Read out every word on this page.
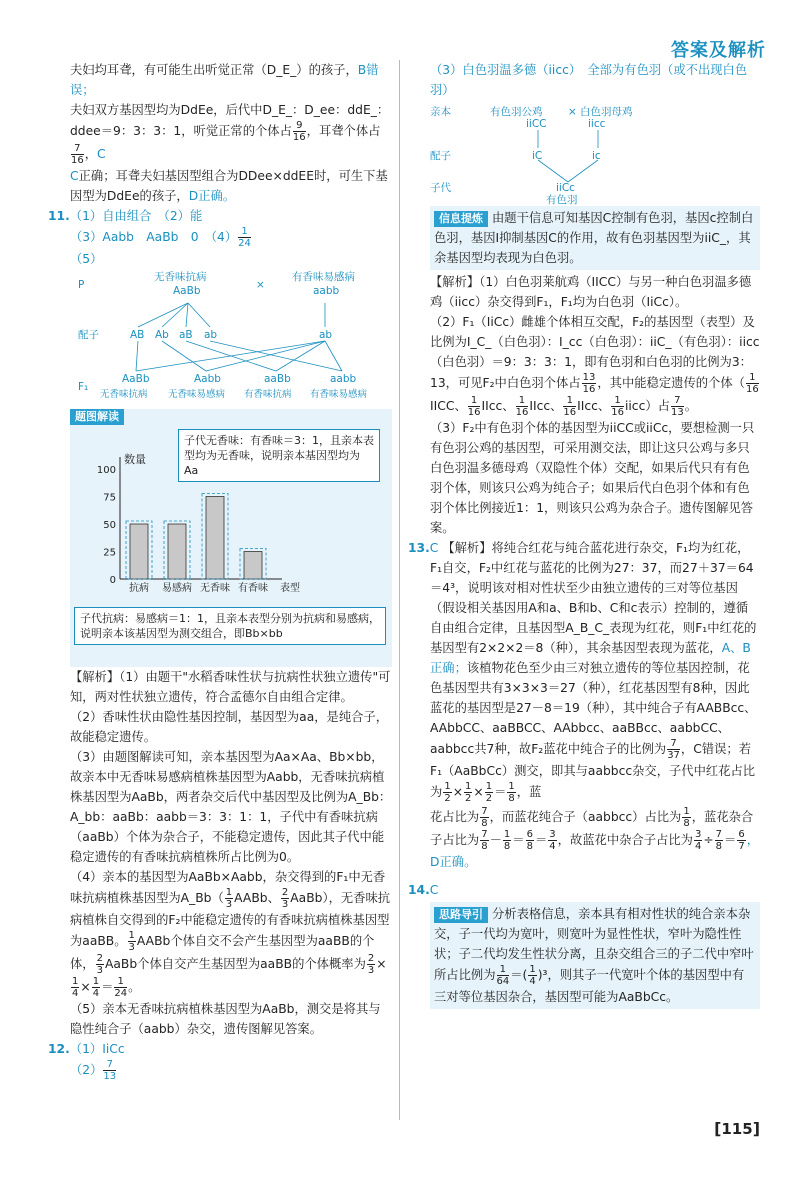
答案及解析

夫妇均耳聋，有可能生出听觉正常（D_E_）的孩子，B错误；
夫妇双方基因型均为DdEe，后代中D_E_：D_ee：ddE_：
ddee＝9：3：3：1，听觉正常的个体占 $\frac{9}{16}$ ，耳聋个体占
$\frac{7}{16}$ ，C
C正确；耳聋夫妇基因型组合为DDee×ddEE时，可生下基因型为DdEe的孩子，D正确。

11.（1）自由组合　（2）能

（3）Aabb　AaBb　0　$(4) \frac{1}{24}$

（5）

P
无香味抗病
AaBb	×
有香味易感病
aabb
配子	AB Ab aB ab	ab
F₁
AaBb	Aabb	aaBb	aabb
无香味抗病 无香味易感病 有香味抗病 有香味易感病
题图解读
数量
0
25
50
75
100
抗病 易感病 无香味 有香味 表型
子代无香味：有香味＝3：1，且亲本表型均为无香味，说明亲本基因型均为Aa
子代抗病：易感病＝1：1，且亲本表型分别为抗病和易感病，说明亲本该基因型为测交组合，即Bb×bb

【解析】（1）由题干"水稻香味性状与抗病性状独立遗传"可知，两对性状独立遗传，符合孟德尔自由组合定律。

（2）香味性状由隐性基因控制，基因型为aa，是纯合子，故能稳定遗传。

（3）由题图解读可知，亲本基因型为Aa×Aa、Bb×bb，故亲本中无香味易感病植株基因型为Aabb，无香味抗病植株基因型为AaBb，两者杂交后代中基因型及比例为A_Bb：A_bb：aaBb：aabb＝3：3：1：1，子代中有香味抗病（aaBb）个体为杂合子，不能稳定遗传，因此其子代中能稳定遗传的有香味抗病植株所占比例为0。

（4）亲本的基因型为AaBb×Aabb，杂交得到的F₁中无香味抗病植株基因型为A_Bb（ $\frac{1}{3}$ AABb、 $\frac{2}{3}$ AaBb），无香味抗病植株自交得到的F₂中能稳定遗传的有香味抗病植株基因型为aaBB。 $\frac{1}{3}$ AABb个体自交不会产生基因型为aaBB的个体， $\frac{2}{3}$ AaBb个体自交产生基因型为aaBB的个体概率为 $\frac{2}{3}$ ×
$\frac{1}{4} \times \frac{1}{4} = \frac{1}{24}$ 。

（5）亲本无香味抗病植株基因型为AaBb，测交是将其与隐性纯合子（aabb）杂交，遗传图解见答案。

12.（1）IiCc

$(2) \frac{7}{13}$

（3）白色羽温多德（iicc）　全部为有色羽（或不出现白色羽）

亲本	有色羽公鸡 × 白色羽母鸡
iiCC	iicc
配子	iC	ic
子代	iiCc
有色羽
信息提炼 由题干信息可知基因C控制有色羽，基因c控制白色羽，基因I抑制基因C的作用，故有色羽基因型为iiC_，其余基因型均表现为白色羽。

【解析】（1）白色羽莱航鸡（IICC）与另一种白色羽温多德鸡（iicc）杂交得到F₁，F₁均为白色羽（IiCc）。

（2）F₁（IiCc）雌雄个体相互交配，F₂的基因型（表型）及比例为I_C_（白色羽）：I_cc（白色羽）：iiC_（有色羽）：iicc（白色羽）＝9：3：3：1，即有色羽和白色羽的比例为3：13，可见F₂中白色羽个体占 $\frac{13}{16}$ ，其中能稳定遗传的个体（ $\frac{1}{16}$
IICC、 $\frac{1}{16}$ IIcc、 $\frac{1}{16}$ IIcc、 $\frac{1}{16}$ IIcc、 $\frac{1}{16}$ iicc）占 $\frac{7}{13}$ 。

（3）F₂中有色羽个体的基因型为iiCC或iiCc，要想检测一只有色羽公鸡的基因型，可采用测交法，即让这只公鸡与多只白色羽温多德母鸡（双隐性个体）交配，如果后代只有有色羽个体，则该只公鸡为纯合子；如果后代白色羽个体和有色羽个体比例接近1：1，则该只公鸡为杂合子。遗传图解见答案。

13.C 【解析】将纯合红花与纯合蓝花进行杂交，F₁均为红花，F₁自交，F₂中红花与蓝花的比例为27：37，而27＋37＝64＝4³，说明该对相对性状至少由独立遗传的三对等位基因（假设相关基因用A和a、B和b、C和c表示）控制的，遵循自由组合定律，且基因型A_B_C_表现为红花，则F₁中红花的基因型有2×2×2＝8（种），其余基因型表现为蓝花，A、B正确；该植物花色至少由三对独立遗传的等位基因控制，花色基因型共有3×3×3＝27（种），红花基因型有8种，因此蓝花的基因型是27－8＝19（种），其中纯合子有AABBcc、AAbbCC、aaBBCC、AAbbcc、aaBBcc、aabbCC、aabbcc共7种，故F₂蓝花中纯合子的比例为 $\frac{7}{37}$ ，C错误；若F₁（AaBbCc）测交，即其与aabbcc杂交，子代中红花占比为 $\frac{1}{2} \times \frac{1}{2} \times \frac{1}{2} = \frac{1}{8}$ ，蓝

花占比为 $\frac{7}{8}$ ，而蓝花纯合子（aabbcc）占比为 $\frac{1}{8}$ ，蓝花杂合子占比为 $\frac{7}{8} - \frac{1}{8} = \frac{6}{8} = \frac{3}{4}$ ，故蓝花中杂合子占比为 $\frac{3}{4} \div \frac{7}{8} = \frac{6}{7}$ ，D正确。

14.C

思路导引 分析表格信息，亲本具有相对性状的纯合亲本杂交，子一代均为宽叶，则宽叶为显性性状，窄叶为隐性性状；子二代均发生性状分离，且杂交组合三的子二代中窄叶所占比例为 $\frac{1}{64}$ ＝( $\frac{1}{4} )^3$，则其子一代宽叶个体的基因型中有三对等位基因杂合，基因型可能为AaBbCc。
[115]
